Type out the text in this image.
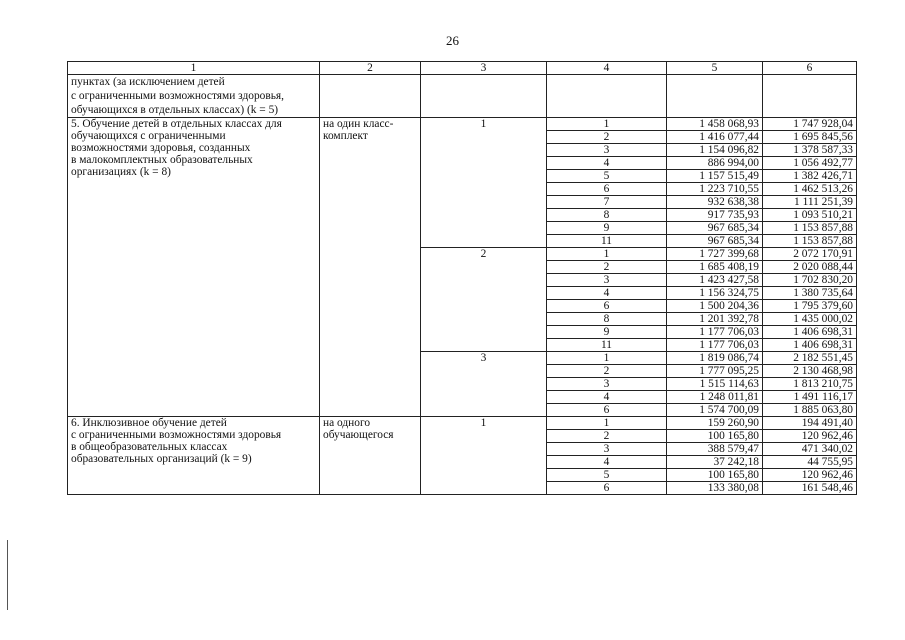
26
1	2	3	4	5	6

пунктах (за исключением детей
с ограниченными возможностями здоровья,
обучающихся в отдельных классах) (k = 5)					

5. Обучение детей в отдельных классах для
обучающихся с ограниченными
возможностями здоровья, созданных
в малокомплектных образовательных
организациях (k = 8)	на один класс-
комплект	1	1	1 458 068,93	1 747 928,04
			2	1 416 077,44	1 695 845,56
			3	1 154 096,82	1 378 587,33
			4	886 994,00	1 056 492,77
			5	1 157 515,49	1 382 426,71
			6	1 223 710,55	1 462 513,26
			7	932 638,38	1 111 251,39
			8	917 735,93	1 093 510,21
			9	967 685,34	1 153 857,88
			11	967 685,34	1 153 857,88
		2	1	1 727 399,68	2 072 170,91
			2	1 685 408,19	2 020 088,44
			3	1 423 427,58	1 702 830,20
			4	1 156 324,75	1 380 735,64
			6	1 500 204,36	1 795 379,60
			8	1 201 392,78	1 435 000,02
			9	1 177 706,03	1 406 698,31
			11	1 177 706,03	1 406 698,31
		3	1	1 819 086,74	2 182 551,45
			2	1 777 095,25	2 130 468,98
			3	1 515 114,63	1 813 210,75
			4	1 248 011,81	1 491 116,17
			6	1 574 700,09	1 885 063,80

6. Инклюзивное обучение детей
с ограниченными возможностями здоровья
в общеобразовательных классах
образовательных организаций (k = 9)	на одного
обучающегося	1	1	159 260,90	194 491,40
			2	100 165,80	120 962,46
			3	388 579,47	471 340,02
			4	37 242,18	44 755,95
			5	100 165,80	120 962,46
			6	133 380,08	161 548,46
